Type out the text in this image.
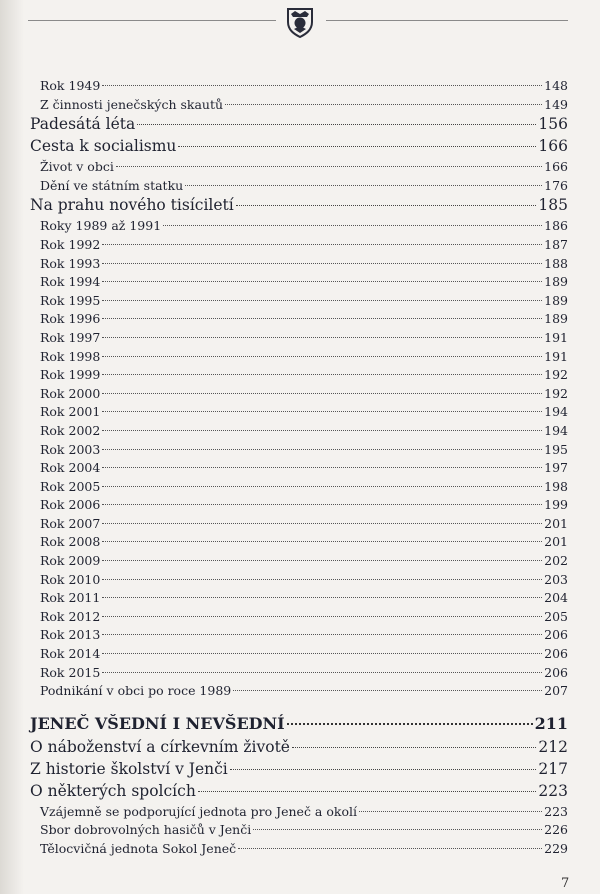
Rok 1949	148
Z činnosti jenečských skautů	149
Padesátá léta	156
Cesta k socialismu	166
Život v obci	166
Dění ve státním statku	176
Na prahu nového tisíciletí	185
Roky 1989 až 1991	186
Rok 1992	187
Rok 1993	188
Rok 1994	189
Rok 1995	189
Rok 1996	189
Rok 1997	191
Rok 1998	191
Rok 1999	192
Rok 2000	192
Rok 2001	194
Rok 2002	194
Rok 2003	195
Rok 2004	197
Rok 2005	198
Rok 2006	199
Rok 2007	201
Rok 2008	201
Rok 2009	202
Rok 2010	203
Rok 2011	204
Rok 2012	205
Rok 2013	206
Rok 2014	206
Rok 2015	206
Podnikání v obci po roce 1989	207
JENEČ VŠEDNÍ I NEVŠEDNÍ	211
O náboženství a církevním životě	212
Z historie školství v Jenči	217
O některých spolcích	223
Vzájemně se podporující jednota pro Jeneč a okolí	223
Sbor dobrovolných hasičů v Jenči	226
Tělocvičná jednota Sokol Jeneč	229
7
